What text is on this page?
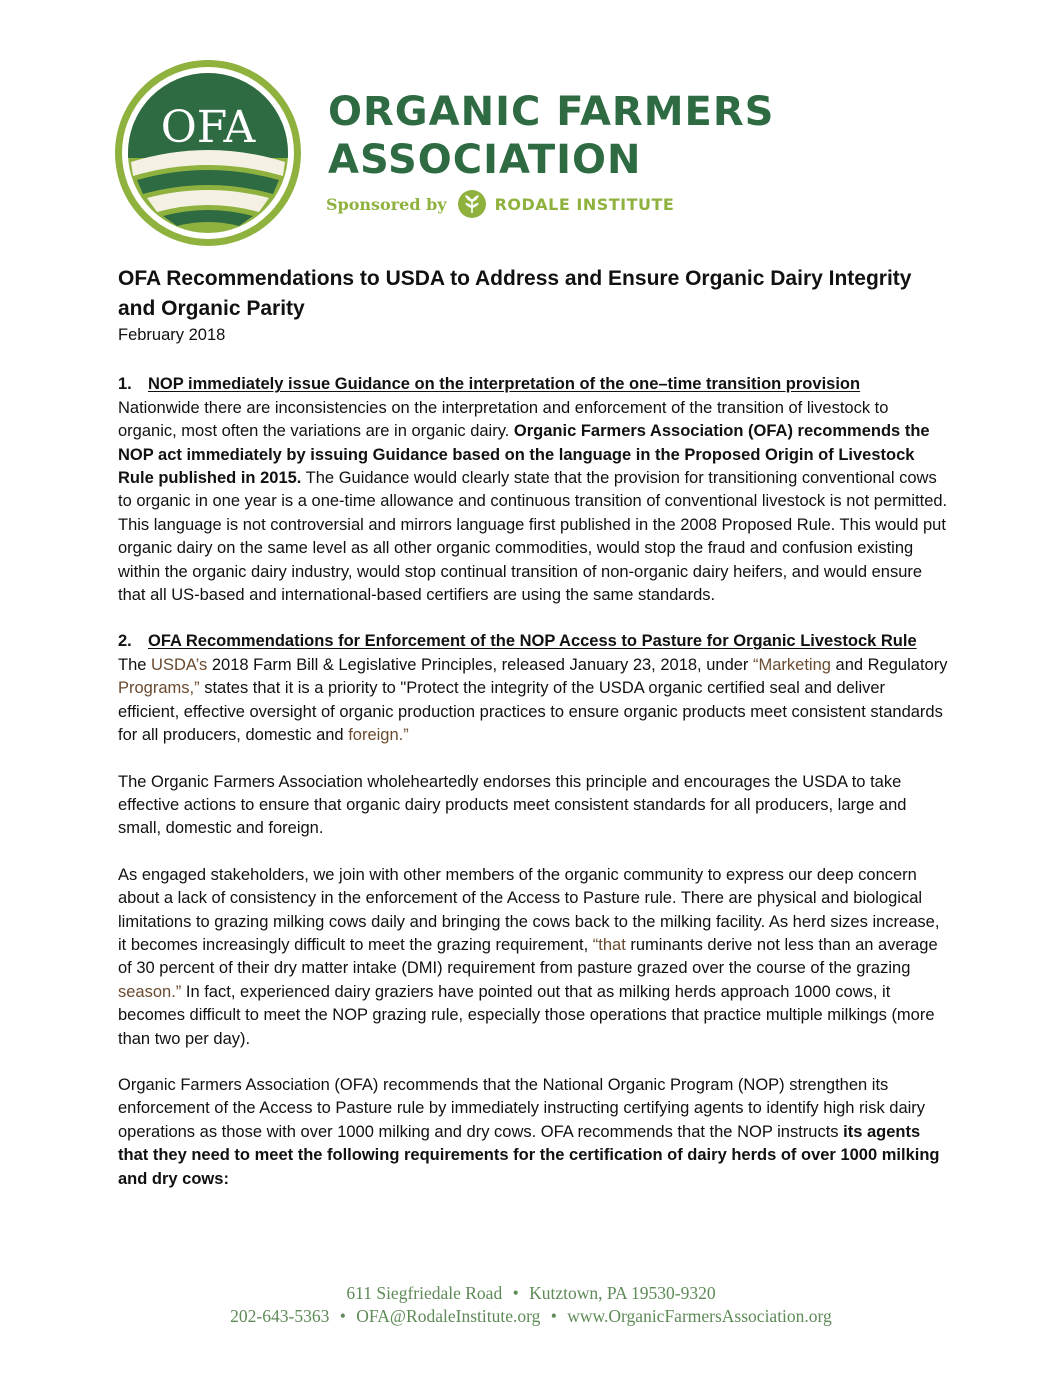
OFA ORGANIC FARMERS
ASSOCIATION
Sponsored by	RODALE INSTITUTE
OFA Recommendations to USDA to Address and Ensure Organic Dairy Integrity and Organic Parity
February 2018
1. NOP immediately issue Guidance on the interpretation of the one–time transition provision

Nationwide there are inconsistencies on the interpretation and enforcement of the transition of livestock to organic, most often the variations are in organic dairy. Organic Farmers Association (OFA) recommends the NOP act immediately by issuing Guidance based on the language in the Proposed Origin of Livestock Rule published in 2015. The Guidance would clearly state that the provision for transitioning conventional cows to organic in one year is a one-time allowance and continuous transition of conventional livestock is not permitted. This language is not controversial and mirrors language first published in the 2008 Proposed Rule. This would put organic dairy on the same level as all other organic commodities, would stop the fraud and confusion existing within the organic dairy industry, would stop continual transition of non-organic dairy heifers, and would ensure that all US-based and international-based certifiers are using the same standards.

2. OFA Recommendations for Enforcement of the NOP Access to Pasture for Organic Livestock Rule

The USDA’s 2018 Farm Bill & Legislative Principles, released January 23, 2018, under “Marketing and Regulatory Programs,” states that it is a priority to "Protect the integrity of the USDA organic certified seal and deliver efficient, effective oversight of organic production practices to ensure organic products meet consistent standards for all producers, domestic and foreign.”

The Organic Farmers Association wholeheartedly endorses this principle and encourages the USDA to take effective actions to ensure that organic dairy products meet consistent standards for all producers, large and small, domestic and foreign.

As engaged stakeholders, we join with other members of the organic community to express our deep concern about a lack of consistency in the enforcement of the Access to Pasture rule. There are physical and biological limitations to grazing milking cows daily and bringing the cows back to the milking facility. As herd sizes increase, it becomes increasingly difficult to meet the grazing requirement, “that ruminants derive not less than an average of 30 percent of their dry matter intake (DMI) requirement from pasture grazed over the course of the grazing season.” In fact, experienced dairy graziers have pointed out that as milking herds approach 1000 cows, it becomes difficult to meet the NOP grazing rule, especially those operations that practice multiple milkings (more than two per day).

Organic Farmers Association (OFA) recommends that the National Organic Program (NOP) strengthen its enforcement of the Access to Pasture rule by immediately instructing certifying agents to identify high risk dairy operations as those with over 1000 milking and dry cows. OFA recommends that the NOP instructs its agents that they need to meet the following requirements for the certification of dairy herds of over 1000 milking and dry cows:

611 Siegfriedale Road • Kutztown, PA 19530-9320
202-643-5363 • OFA@RodaleInstitute.org • www.OrganicFarmersAssociation.org
